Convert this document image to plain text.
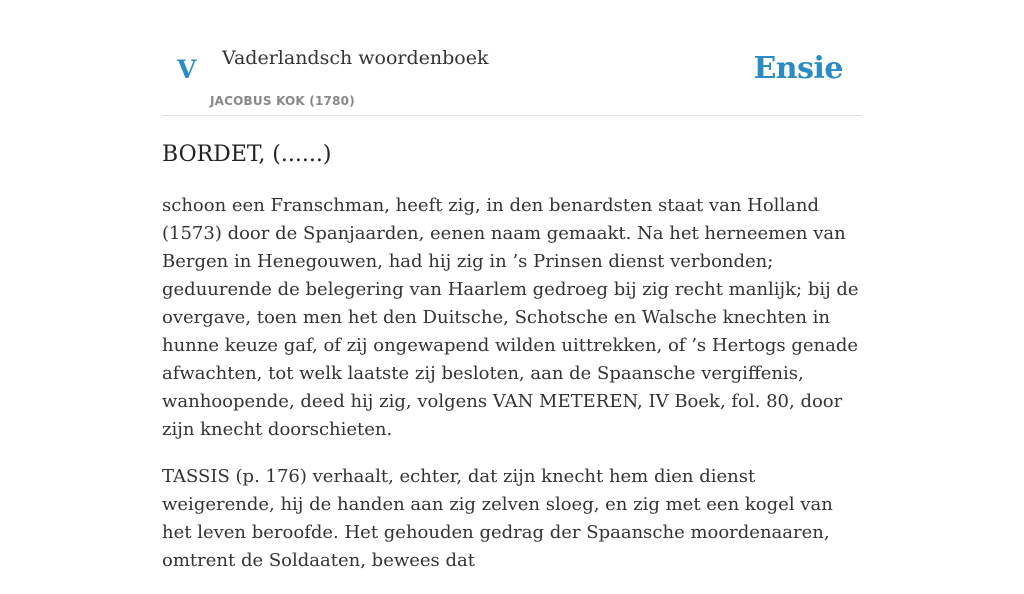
V Vaderlandsch woordenboek
JACOBUS KOK (1780)
Ensie
BORDET, (......)

schoon een Franschman, heeft zig, in den benardsten staat van Holland (1573) door de Spanjaarden, eenen naam gemaakt. Na het herneemen van Bergen in Henegouwen, had hij zig in ’s Prinsen dienst verbonden; geduurende de belegering van Haarlem gedroeg bij zig recht manlijk; bij de overgave, toen men het den Duitsche, Schotsche en Walsche knechten in hunne keuze gaf, of zij ongewapend wilden uittrekken, of ’s Hertogs genade afwachten, tot welk laatste zij besloten, aan de Spaansche vergiffenis, wanhoopende, deed hij zig, volgens VAN METEREN, IV Boek, fol. 80, door zijn knecht doorschieten.

TASSIS (p. 176) verhaalt, echter, dat zijn knecht hem dien dienst weigerende, hij de handen aan zig zelven sloeg, en zig met een kogel van het leven beroofde. Het gehouden gedrag der Spaansche moordenaaren, omtrent de Soldaaten, bewees dat
